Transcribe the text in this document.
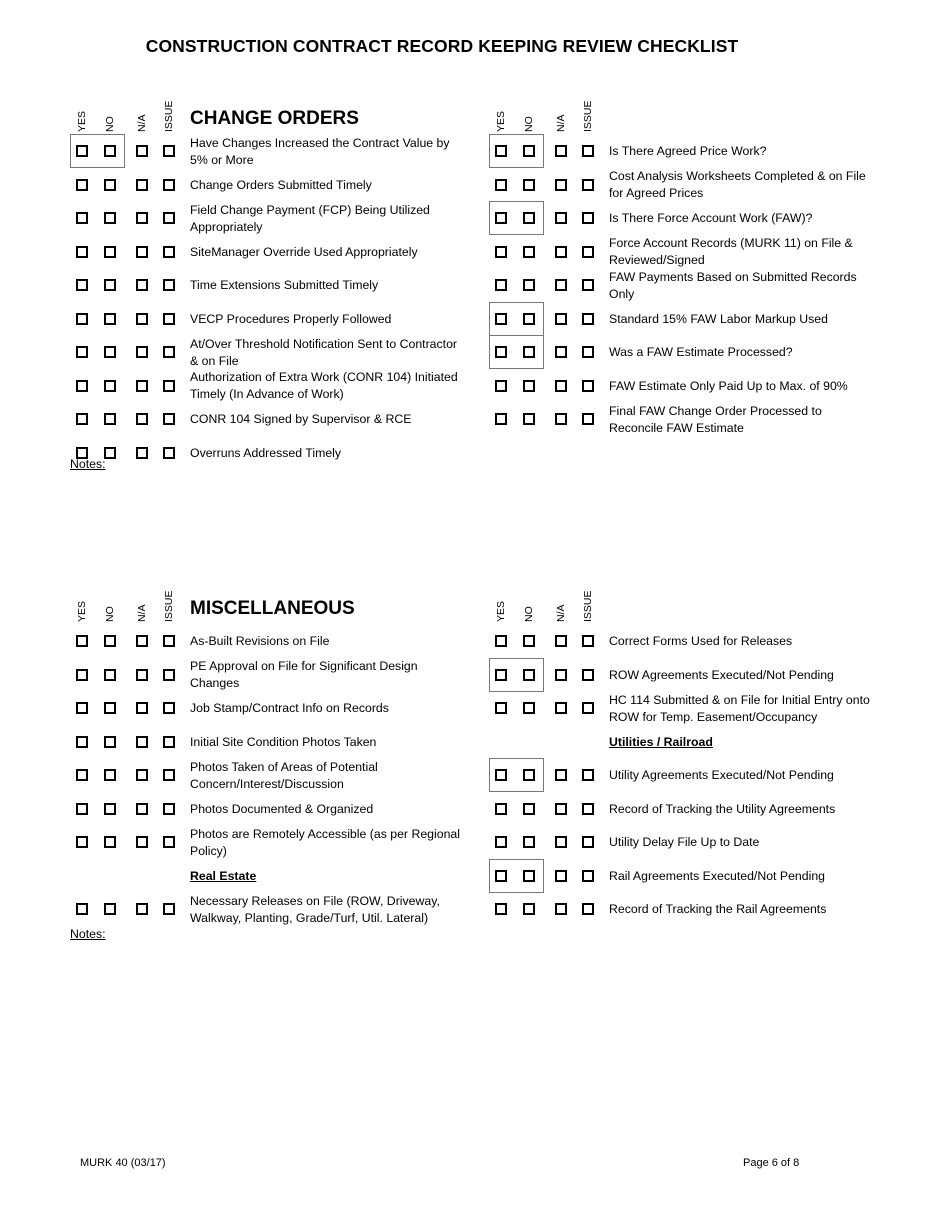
CONSTRUCTION CONTRACT RECORD KEEPING REVIEW CHECKLIST
YES NO N/A ISSUE CHANGE ORDERS
Have Changes Increased the Contract Value by 5% or More
Change Orders Submitted Timely
Field Change Payment (FCP) Being Utilized Appropriately
SiteManager Override Used Appropriately
Time Extensions Submitted Timely
VECP Procedures Properly Followed
At/Over Threshold Notification Sent to Contractor & on File
Authorization of Extra Work (CONR 104) Initiated Timely (In Advance of Work)
CONR 104 Signed by Supervisor & RCE
Overruns Addressed Timely
Notes:
YES NO N/A ISSUE
Is There Agreed Price Work?
Cost Analysis Worksheets Completed & on File for Agreed Prices
Is There Force Account Work (FAW)?
Force Account Records (MURK 11) on File & Reviewed/Signed
FAW Payments Based on Submitted Records Only
Standard 15% FAW Labor Markup Used
Was a FAW Estimate Processed?
FAW Estimate Only Paid Up to Max. of 90%
Final FAW Change Order Processed to Reconcile FAW Estimate
YES NO N/A ISSUE MISCELLANEOUS
As-Built Revisions on File
PE Approval on File for Significant Design Changes
Job Stamp/Contract Info on Records
Initial Site Condition Photos Taken
Photos Taken of Areas of Potential Concern/Interest/Discussion
Photos Documented & Organized
Photos are Remotely Accessible (as per Regional Policy)
Real Estate
Necessary Releases on File (ROW, Driveway, Walkway, Planting, Grade/Turf, Util. Lateral)
Notes:
YES NO N/A ISSUE
Correct Forms Used for Releases
ROW Agreements Executed/Not Pending
HC 114 Submitted & on File for Initial Entry onto ROW for Temp. Easement/Occupancy
Utilities / Railroad
Utility Agreements Executed/Not Pending
Record of Tracking the Utility Agreements
Utility Delay File Up to Date
Rail Agreements Executed/Not Pending
Record of Tracking the Rail Agreements
MURK 40 (03/17)	Page 6 of 8
